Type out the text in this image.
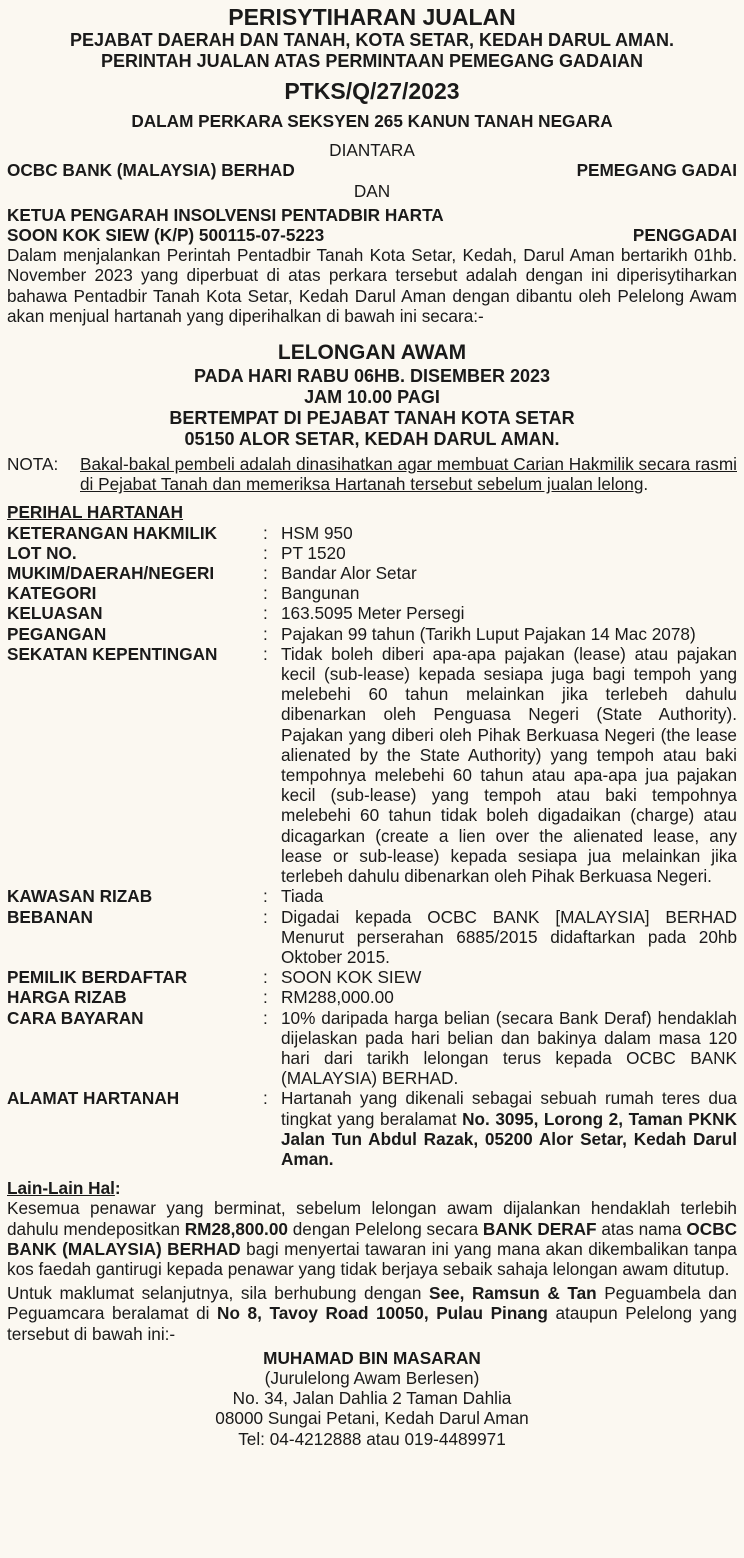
PERISYTIHARAN JUALAN
PEJABAT DAERAH DAN TANAH, KOTA SETAR, KEDAH DARUL AMAN.
PERINTAH JUALAN ATAS PERMINTAAN PEMEGANG GADAIAN
PTKS/Q/27/2023
DALAM PERKARA SEKSYEN 265 KANUN TANAH NEGARA
DIANTARA
OCBC BANK (MALAYSIA) BERHAD	PEMEGANG GADAI
DAN
KETUA PENGARAH INSOLVENSI PENTADBIR HARTA
SOON KOK SIEW (K/P) 500115-07-5223	PENGGADAI
Dalam menjalankan Perintah Pentadbir Tanah Kota Setar, Kedah, Darul Aman bertarikh 01hb. November 2023 yang diperbuat di atas perkara tersebut adalah dengan ini diperisytiharkan bahawa Pentadbir Tanah Kota Setar, Kedah Darul Aman dengan dibantu oleh Pelelong Awam akan menjual hartanah yang diperihalkan di bawah ini secara:-
LELONGAN AWAM
PADA HARI RABU 06HB. DISEMBER 2023
JAM 10.00 PAGI
BERTEMPAT DI PEJABAT TANAH KOTA SETAR
05150 ALOR SETAR, KEDAH DARUL AMAN.
NOTA:	Bakal-bakal pembeli adalah dinasihatkan agar membuat Carian Hakmilik secara rasmi di Pejabat Tanah dan memeriksa Hartanah tersebut sebelum jualan lelong.
PERIHAL HARTANAH
KETERANGAN HAKMILIK	: HSM 950
LOT NO.	: PT 1520
MUKIM/DAERAH/NEGERI	: Bandar Alor Setar
KATEGORI	: Bangunan
KELUASAN	: 163.5095 Meter Persegi
PEGANGAN	: Pajakan 99 tahun (Tarikh Luput Pajakan 14 Mac 2078)
SEKATAN KEPENTINGAN	: Tidak boleh diberi apa-apa pajakan (lease) atau pajakan kecil (sub-lease) kepada sesiapa juga bagi tempoh yang melebehi 60 tahun melainkan jika terlebeh dahulu dibenarkan oleh Penguasa Negeri (State Authority). Pajakan yang diberi oleh Pihak Berkuasa Negeri (the lease alienated by the State Authority) yang tempoh atau baki tempohnya melebehi 60 tahun atau apa-apa jua pajakan kecil (sub-lease) yang tempoh atau baki tempohnya melebehi 60 tahun tidak boleh digadaikan (charge) atau dicagarkan (create a lien over the alienated lease, any lease or sub-lease) kepada sesiapa jua melainkan jika terlebeh dahulu dibenarkan oleh Pihak Berkuasa Negeri.
KAWASAN RIZAB	: Tiada
BEBANAN	: Digadai kepada OCBC BANK [MALAYSIA] BERHAD Menurut perserahan 6885/2015 didaftarkan pada 20hb Oktober 2015.
PEMILIK BERDAFTAR	: SOON KOK SIEW
HARGA RIZAB	: RM288,000.00
CARA BAYARAN	: 10% daripada harga belian (secara Bank Deraf) hendaklah dijelaskan pada hari belian dan bakinya dalam masa 120 hari dari tarikh lelongan terus kepada OCBC BANK (MALAYSIA) BERHAD.
ALAMAT HARTANAH	: Hartanah yang dikenali sebagai sebuah rumah teres dua tingkat yang beralamat No. 3095, Lorong 2, Taman PKNK Jalan Tun Abdul Razak, 05200 Alor Setar, Kedah Darul Aman.
Lain-Lain Hal:
Kesemua penawar yang berminat, sebelum lelongan awam dijalankan hendaklah terlebih dahulu mendepositkan RM28,800.00 dengan Pelelong secara BANK DERAF atas nama OCBC BANK (MALAYSIA) BERHAD bagi menyertai tawaran ini yang mana akan dikembalikan tanpa kos faedah gantirugi kepada penawar yang tidak berjaya sebaik sahaja lelongan awam ditutup.
Untuk maklumat selanjutnya, sila berhubung dengan See, Ramsun & Tan Peguambela dan Peguamcara beralamat di No 8, Tavoy Road 10050, Pulau Pinang ataupun Pelelong yang tersebut di bawah ini:-
MUHAMAD BIN MASARAN
(Jurulelong Awam Berlesen)
No. 34, Jalan Dahlia 2 Taman Dahlia
08000 Sungai Petani, Kedah Darul Aman
Tel: 04-4212888 atau 019-4489971
